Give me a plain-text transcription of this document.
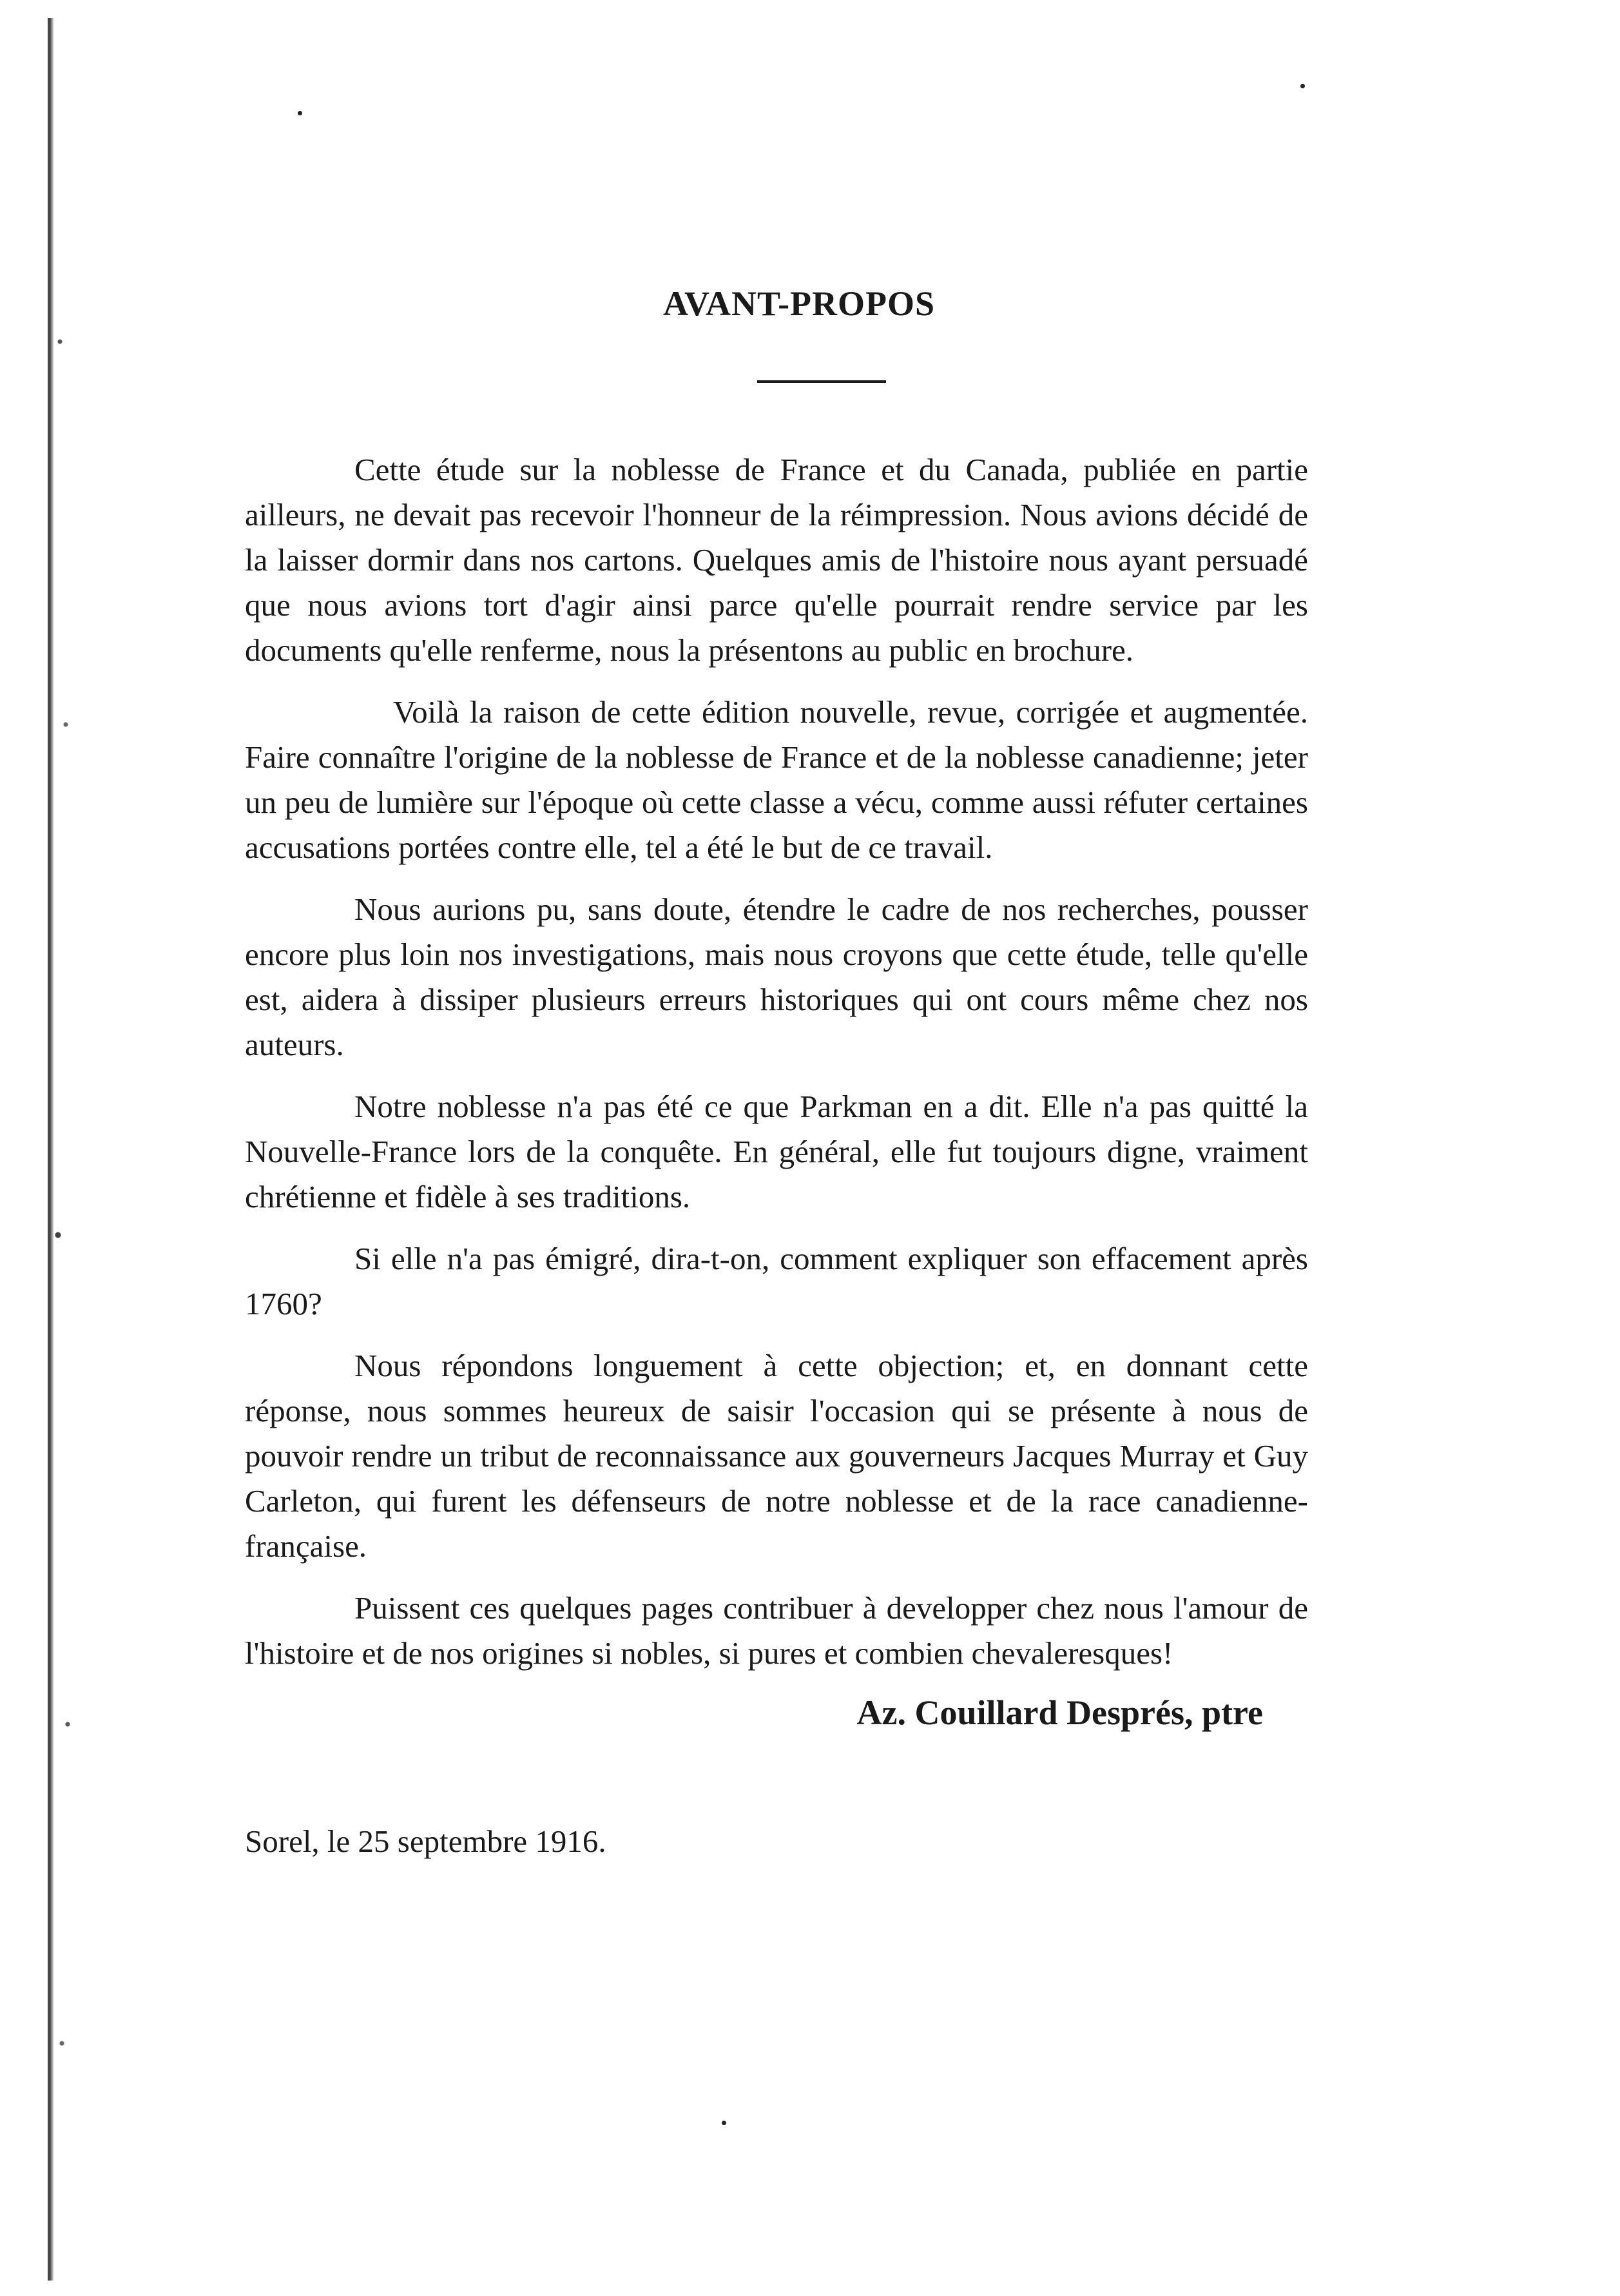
AVANT-PROPOS

Cette étude sur la noblesse de France et du Canada, publiée en partie ailleurs, ne devait pas recevoir l'honneur de la réimpression. Nous avions décidé de la laisser dormir dans nos cartons. Quelques amis de l'histoire nous ayant persuadé que nous avions tort d'agir ainsi parce qu'elle pourrait rendre service par les documents qu'elle renferme, nous la présentons au public en brochure.

Voilà la raison de cette édition nouvelle, revue, corrigée et augmentée. Faire connaître l'origine de la noblesse de France et de la noblesse canadienne; jeter un peu de lumière sur l'époque où cette classe a vécu, comme aussi réfuter certaines accusations portées contre elle, tel a été le but de ce travail.

Nous aurions pu, sans doute, étendre le cadre de nos recherches, pousser encore plus loin nos investigations, mais nous croyons que cette étude, telle qu'elle est, aidera à dissiper plusieurs erreurs historiques qui ont cours même chez nos auteurs.

Notre noblesse n'a pas été ce que Parkman en a dit. Elle n'a pas quitté la Nouvelle-France lors de la conquête. En général, elle fut toujours digne, vraiment chrétienne et fidèle à ses traditions.

Si elle n'a pas émigré, dira-t-on, comment expliquer son effacement après 1760?

Nous répondons longuement à cette objection; et, en donnant cette réponse, nous sommes heureux de saisir l'occasion qui se présente à nous de pouvoir rendre un tribut de reconnaissance aux gouverneurs Jacques Murray et Guy Carleton, qui furent les défenseurs de notre noblesse et de la race canadienne-française.

Puissent ces quelques pages contribuer à developper chez nous l'amour de l'histoire et de nos origines si nobles, si pures et combien chevaleresques!

Az. Couillard Després, ptre
Sorel, le 25 septembre 1916.
